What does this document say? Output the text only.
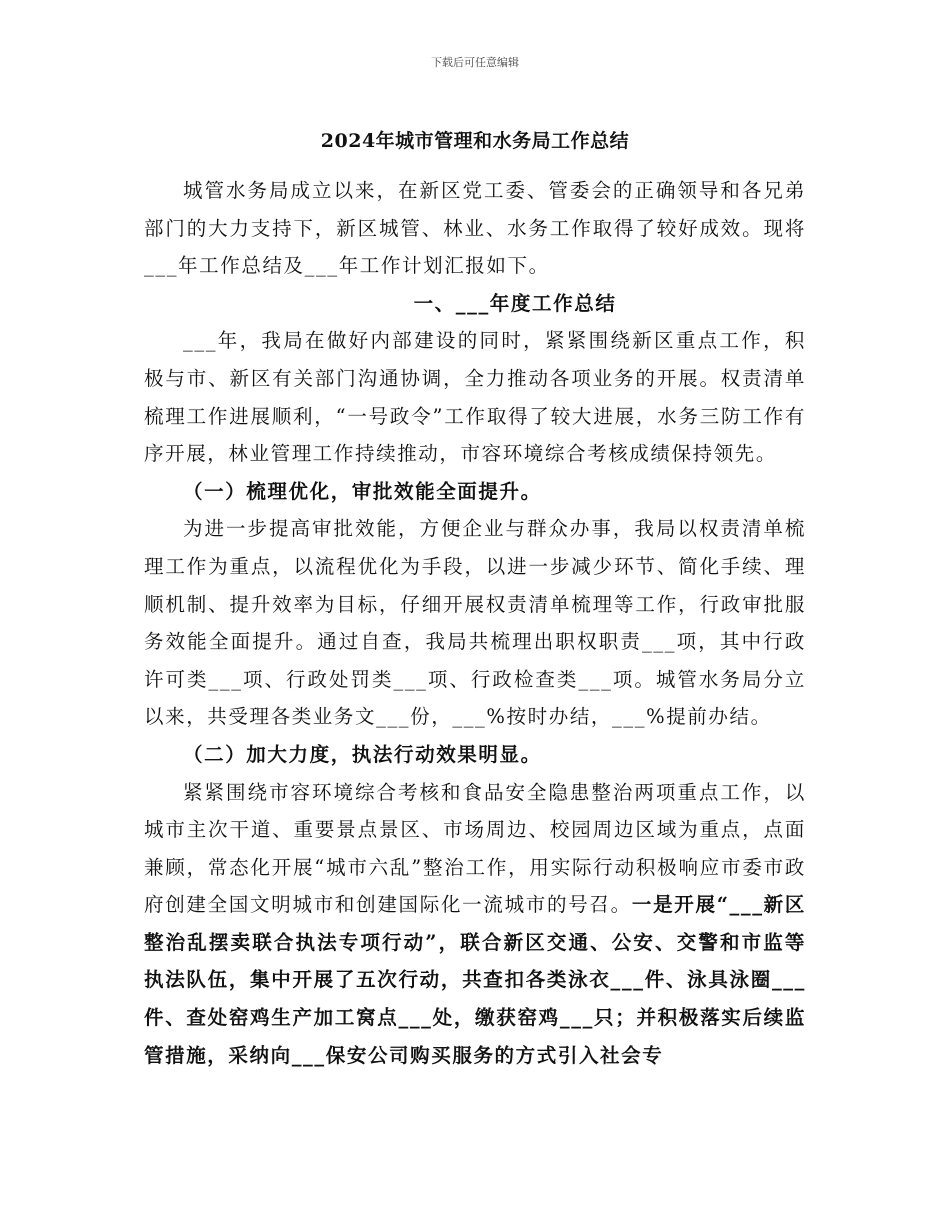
下载后可任意编辑
2024年城市管理和水务局工作总结

城管水务局成立以来，在新区党工委、管委会的正确领导和各兄弟部门的大力支持下，新区城管、林业、水务工作取得了较好成效。现将___年工作总结及___年工作计划汇报如下。

一、___年度工作总结

___年，我局在做好内部建设的同时，紧紧围绕新区重点工作，积极与市、新区有关部门沟通协调，全力推动各项业务的开展。权责清单梳理工作进展顺利，“一号政令”工作取得了较大进展，水务三防工作有序开展，林业管理工作持续推动，市容环境综合考核成绩保持领先。

（一）梳理优化，审批效能全面提升。

为进一步提高审批效能，方便企业与群众办事，我局以权责清单梳理工作为重点，以流程优化为手段，以进一步减少环节、简化手续、理顺机制、提升效率为目标，仔细开展权责清单梳理等工作，行政审批服务效能全面提升。通过自查，我局共梳理出职权职责___项，其中行政许可类___项、行政处罚类___项、行政检查类___项。城管水务局分立以来，共受理各类业务文___份，___%按时办结，___%提前办结。

（二）加大力度，执法行动效果明显。

紧紧围绕市容环境综合考核和食品安全隐患整治两项重点工作，以城市主次干道、重要景点景区、市场周边、校园周边区域为重点，点面兼顾，常态化开展“城市六乱”整治工作，用实际行动积极响应市委市政府创建全国文明城市和创建国际化一流城市的号召。一是开展“___新区整治乱摆卖联合执法专项行动”，联合新区交通、公安、交警和市监等执法队伍，集中开展了五次行动，共查扣各类泳衣___件、泳具泳圈___件、查处窑鸡生产加工窝点___处，缴获窑鸡___只；并积极落实后续监管措施，采纳向___保安公司购买服务的方式引入社会专
